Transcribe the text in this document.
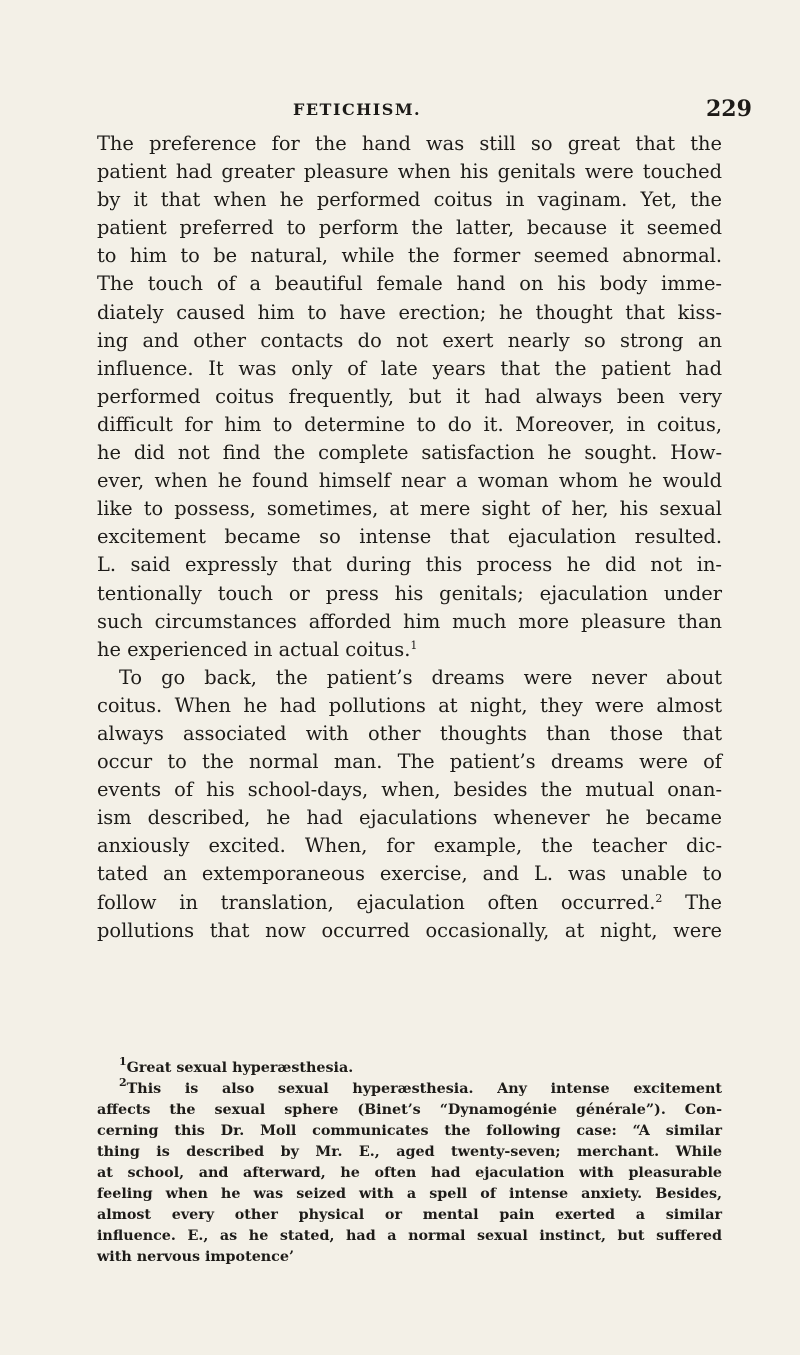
FETICHISM.	229
The preference for the hand was still so great that the
patient had greater pleasure when his genitals were touched
by it that when he performed coitus in vaginam. Yet, the
patient preferred to perform the latter, because it seemed
to him to be natural, while the former seemed abnormal.
The touch of a beautiful female hand on his body imme-
diately caused him to have erection; he thought that kiss-
ing and other contacts do not exert nearly so strong an
influence. It was only of late years that the patient had
performed coitus frequently, but it had always been very
difficult for him to determine to do it. Moreover, in coitus,
he did not find the complete satisfaction he sought. How-
ever, when he found himself near a woman whom he would
like to possess, sometimes, at mere sight of her, his sexual
excitement became so intense that ejaculation resulted.
L. said expressly that during this process he did not in-
tentionally touch or press his genitals; ejaculation under
such circumstances afforded him much more pleasure than
he experienced in actual coitus.$^1$
To go back, the patient’s dreams were never about
coitus. When he had pollutions at night, they were almost
always associated with other thoughts than those that
occur to the normal man. The patient’s dreams were of
events of his school-days, when, besides the mutual onan-
ism described, he had ejaculations whenever he became
anxiously excited. When, for example, the teacher dic-
tated an extemporaneous exercise, and L. was unable to
follow in translation, ejaculation often occurred.$^2$ The
pollutions that now occurred occasionally, at night, were
$^1$Great sexual hyperæsthesia.
$^2$This is also sexual hyperæsthesia. Any intense excitement
affects the sexual sphere (Binet’s “Dynamogénie générale”). Con-
cerning this Dr. Moll communicates the following case: “A similar
thing is described by Mr. E., aged twenty-seven; merchant. While
at school, and afterward, he often had ejaculation with pleasurable
feeling when he was seized with a spell of intense anxiety. Besides,
almost every other physical or mental pain exerted a similar
influence. E., as he stated, had a normal sexual instinct, but suffered
with nervous impotence’
